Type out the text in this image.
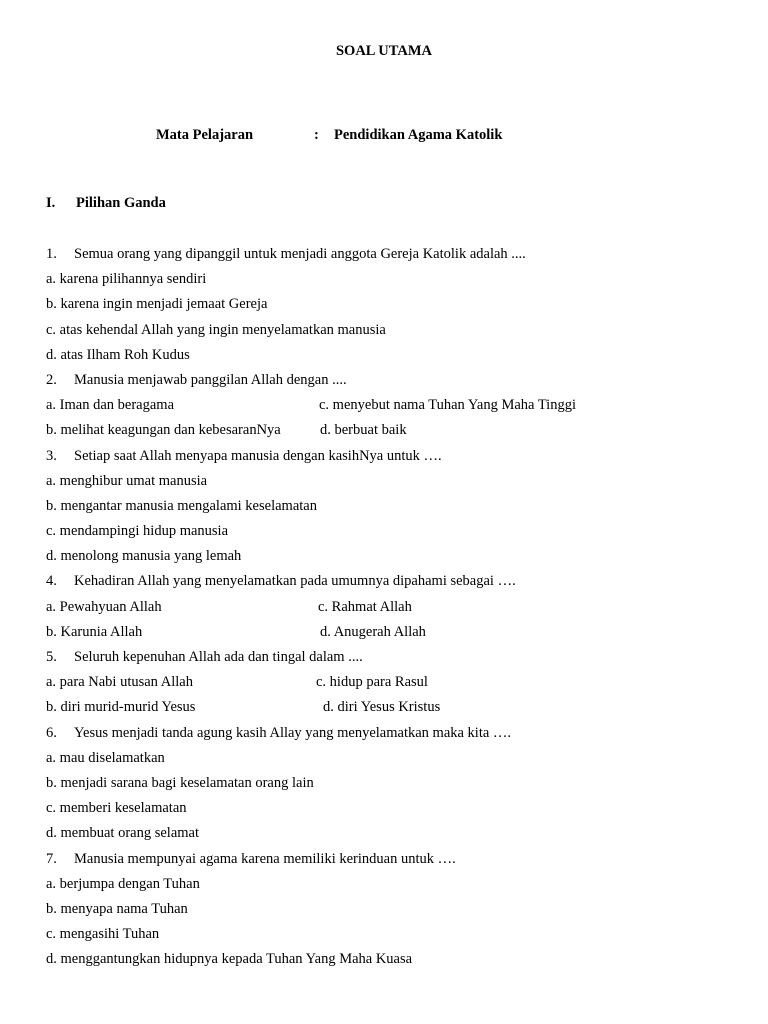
SOAL UTAMA
Mata Pelajaran	: Pendidikan Agama Katolik
I. Pilihan Ganda
1. Semua orang yang dipanggil untuk menjadi anggota Gereja Katolik adalah ....
a. karena pilihannya sendiri
b. karena ingin menjadi jemaat Gereja
c. atas kehendal Allah yang ingin menyelamatkan manusia
d. atas Ilham Roh Kudus
2. Manusia menjawab panggilan Allah dengan ....
a. Iman dan beragama	c. menyebut nama Tuhan Yang Maha Tinggi
b. melihat keagungan dan kebesaranNya	d. berbuat baik
3. Setiap saat Allah menyapa manusia dengan kasihNya untuk ….
a. menghibur umat manusia
b. mengantar manusia mengalami keselamatan
c. mendampingi hidup manusia
d. menolong manusia yang lemah
4. Kehadiran Allah yang menyelamatkan pada umumnya dipahami sebagai ….
a. Pewahyuan Allah	c. Rahmat Allah
b. Karunia Allah	d. Anugerah Allah
5. Seluruh kepenuhan Allah ada dan tingal dalam ....
a. para Nabi utusan Allah	c. hidup para Rasul
b. diri murid-murid Yesus	d. diri Yesus Kristus
6. Yesus menjadi tanda agung kasih Allay yang menyelamatkan maka kita ….
a. mau diselamatkan
b. menjadi sarana bagi keselamatan orang lain
c. memberi keselamatan
d. membuat orang selamat
7. Manusia mempunyai agama karena memiliki kerinduan untuk ….
a. berjumpa dengan Tuhan
b. menyapa nama Tuhan
c. mengasihi Tuhan
d. menggantungkan hidupnya kepada Tuhan Yang Maha Kuasa
